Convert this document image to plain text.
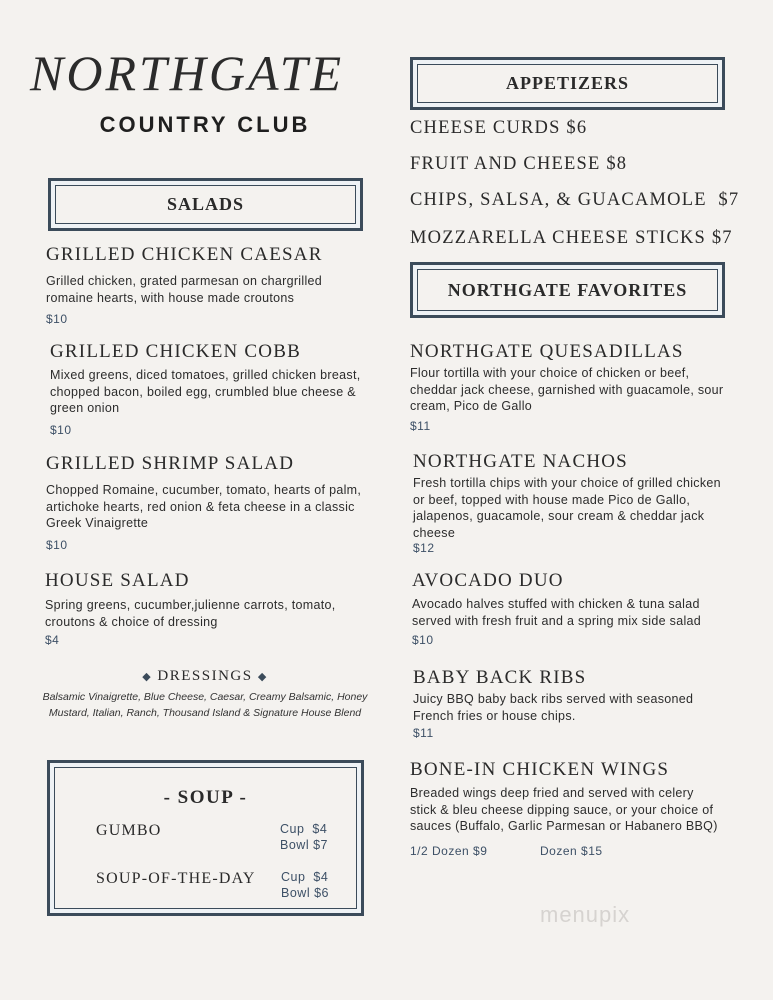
NORTHGATE
COUNTRY CLUB
SALADS
GRILLED CHICKEN CAESAR
Grilled chicken, grated parmesan on chargrilled romaine hearts, with house made croutons
$10
GRILLED CHICKEN COBB
Mixed greens, diced tomatoes, grilled chicken breast, chopped bacon, boiled egg, crumbled blue cheese & green onion
$10
GRILLED SHRIMP SALAD
Chopped Romaine, cucumber, tomato, hearts of palm, artichoke hearts, red onion & feta cheese in a classic Greek Vinaigrette
$10
HOUSE SALAD
Spring greens, cucumber,julienne carrots, tomato, croutons & choice of dressing
$4
◆ DRESSINGS ◆
Balsamic Vinaigrette, Blue Cheese, Caesar, Creamy Balsamic, Honey Mustard, Italian, Ranch, Thousand Island & Signature House Blend
- SOUP -
GUMBO	Cup  $4
Bowl $7
SOUP-OF-THE-DAY Cup  $4
Bowl $6
APPETIZERS
CHEESE CURDS $6
FRUIT AND CHEESE $8
CHIPS, SALSA, & GUACAMOLE  $7
MOZZARELLA CHEESE STICKS $7
NORTHGATE FAVORITES
NORTHGATE QUESADILLAS
Flour tortilla with your choice of chicken or beef, cheddar jack cheese, garnished with guacamole, sour cream, Pico de Gallo
$11
NORTHGATE NACHOS
Fresh tortilla chips with your choice of grilled chicken or beef, topped with house made Pico de Gallo, jalapenos, guacamole, sour cream & cheddar jack cheese
$12
AVOCADO DUO
Avocado halves stuffed with chicken & tuna salad served with fresh fruit and a spring mix side salad
$10
BABY BACK RIBS
Juicy BBQ baby back ribs served with seasoned French fries or house chips.
$11
BONE-IN CHICKEN WINGS
Breaded wings deep fried and served with celery stick & bleu cheese dipping sauce, or your choice of sauces (Buffalo, Garlic Parmesan or Habanero BBQ)
1/2 Dozen $9	Dozen $15
menupix
